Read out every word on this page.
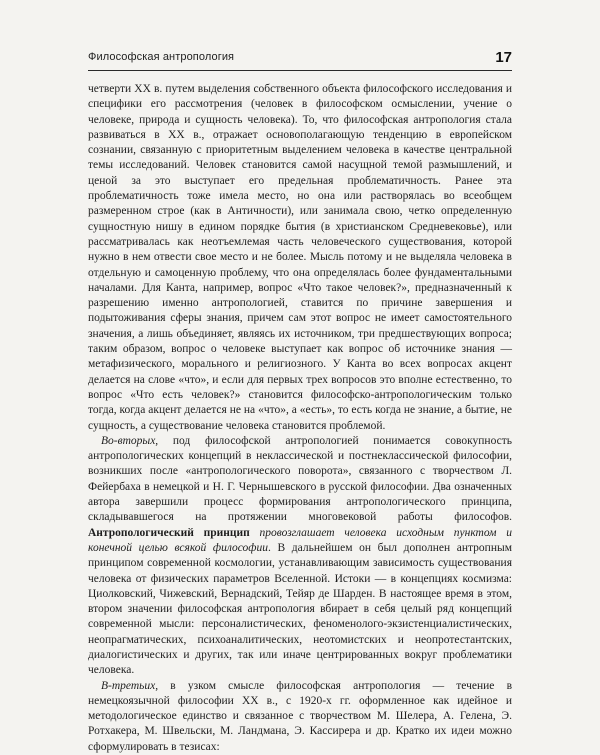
Философская антропология	17

четверти XX в. путем выделения собственного объекта философского исследования и специфики его рассмотрения (человек в философском осмыслении, учение о человеке, природа и сущность человека). То, что философская антропология стала развиваться в XX в., отражает основополагающую тенденцию в европейском сознании, связанную с приоритетным выделением человека в качестве центральной темы исследований. Человек становится самой насущной темой размышлений, и ценой за это выступает его предельная проблематичность. Ранее эта проблематичность тоже имела место, но она или растворялась во всеобщем размеренном строе (как в Античности), или занимала свою, четко определенную сущностную нишу в едином порядке бытия (в христианском Средневековье), или рассматривалась как неотъемлемая часть человеческого существования, которой нужно в нем отвести свое место и не более. Мысль потому и не выделяла человека в отдельную и самоценную проблему, что она определялась более фундаментальными началами. Для Канта, например, вопрос «Что такое человек?», предназначенный к разрешению именно антропологией, ставится по причине завершения и подытоживания сферы знания, причем сам этот вопрос не имеет самостоятельного значения, а лишь объединяет, являясь их источником, три предшествующих вопроса; таким образом, вопрос о человеке выступает как вопрос об источнике знания — метафизического, морального и религиозного. У Канта во всех вопросах акцент делается на слове «что», и если для первых трех вопросов это вполне естественно, то вопрос «Что есть человек?» становится философско-антропологическим только тогда, когда акцент делается не на «что», а «есть», то есть когда не знание, а бытие, не сущность, а существование человека становится проблемой.

Во-вторых, под философской антропологией понимается совокупность антропологических концепций в неклассической и постнеклассической философии, возникших после «антропологического поворота», связанного с творчеством Л. Фейербаха в немецкой и Н. Г. Чернышевского в русской философии. Два означенных автора завершили процесс формирования антропологического принципа, складывавшегося на протяжении многовековой работы философов. Антропологический принцип провозглашает человека исходным пунктом и конечной целью всякой философии. В дальнейшем он был дополнен антропным принципом современной космологии, устанавливающим зависимость существования человека от физических параметров Вселенной. Истоки — в концепциях космизма: Циолковский, Чижевский, Вернадский, Тейяр де Шарден. В настоящее время в этом, втором значении философская антропология вбирает в себя целый ряд концепций современной мысли: персоналистических, феноменолого-экзистенциалистических, неопрагматических, психоаналитических, неотомистских и неопротестантских, диалогистических и других, так или иначе центрированных вокруг проблематики человека.

В-третьих, в узком смысле философская антропология — течение в немецкоязычной философии XX в., с 1920-х гг. оформленное как идейное и методологическое единство и связанное с творчеством М. Шелера, А. Гелена, Э. Ротхакера, М. Швельски, М. Ландмана, Э. Кассирера и др. Кратко их идеи можно сформулировать в тезисах:
